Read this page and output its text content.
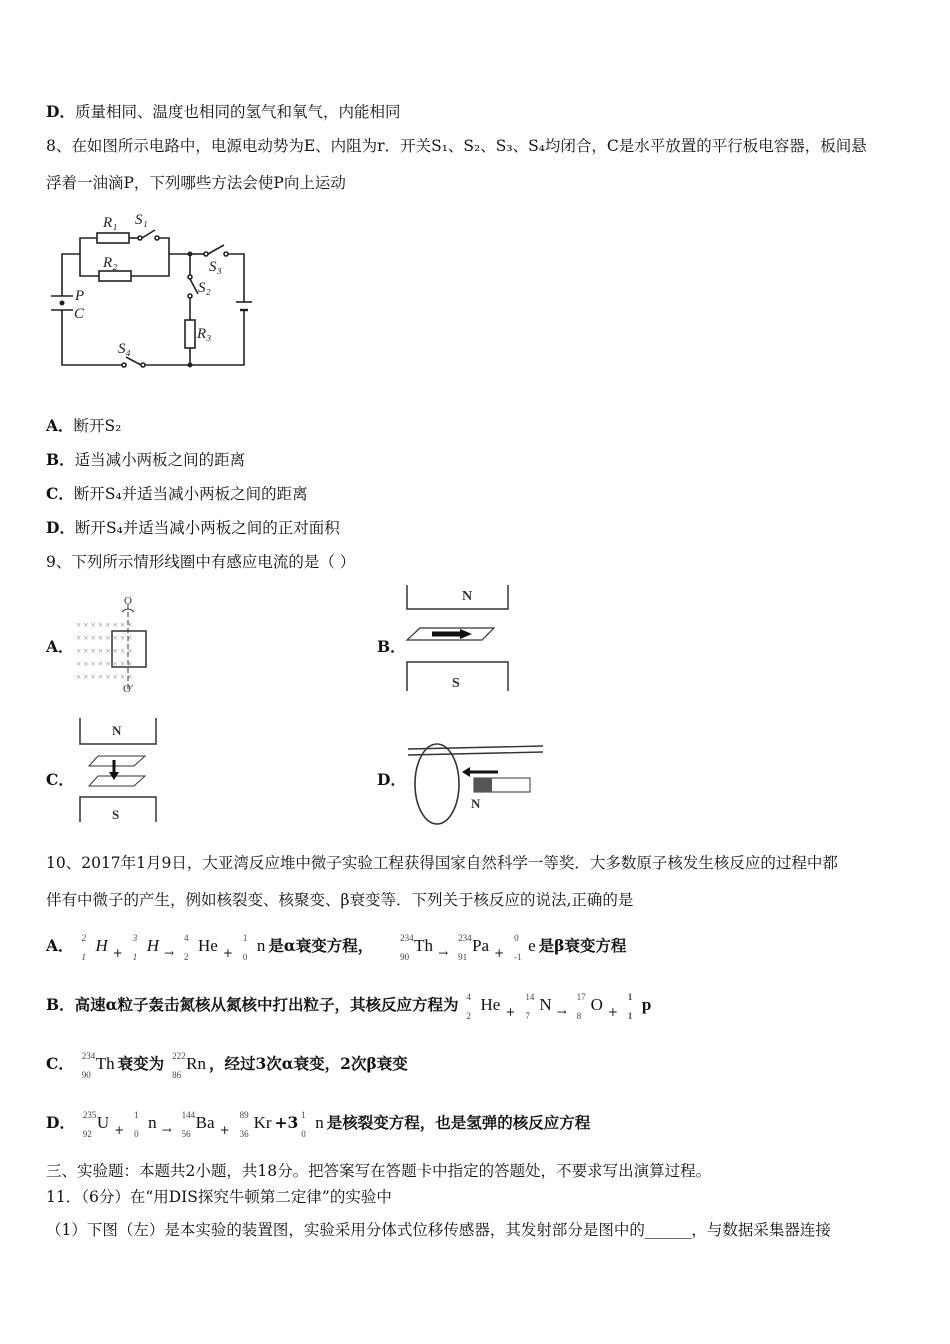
D．质量相同、温度也相同的氢气和氧气，内能相同
8、在如图所示电路中，电源电动势为E、内阻为r．开关S₁、S₂、S₃、S₄均闭合，C是水平放置的平行板电容器，板间悬
浮着一油滴P，下列哪些方法会使P向上运动
R₁ S₁
R₂	S₃
S₂
P
C
R₃
S₄
A．断开S₂
B．适当减小两板之间的距离
C．断开S₄并适当减小两板之间的距离
D．断开S₄并适当减小两板之间的正对面积
9、下列所示情形线圈中有感应电流的是（ ）
A．	B．
C．	D．
× × × × × × × ×
× × × × × × × ×
× × × × × × × ×
× × × × × × × ×
× × × × × × × ×
O
O′
N
S
N
S
N
10、2017年1月9日，大亚湾反应堆中微子实验工程获得国家自然科学一等奖．大多数原子核发生核反应的过程中都
伴有中微子的产生，例如核裂变、核聚变、β衰变等．下列关于核反应的说法,正确的是
A． 2
1
H $_+$
3
1
H $_\to$
4
2
He $_+$
1
0
n 是α衰变方程，	234
90
Th $_\to$
234
91
Pa $_+$
0
-1
e 是β衰变方程
B．高速α粒子轰击氮核从氮核中打出粒子，其核反应方程为 4
2
He $_+$
14
7
N $_\to$
17
8
O $_+$
1
1
p
C． 234
90
Th 衰变为 222
86
Rn ，经过3次α衰变，2次β衰变
D． 235
92
U $_+$
1
0
n $_\to$
144
56
Ba $_+$
89
36
Kr +3 1
0
n 是核裂变方程，也是氢弹的核反应方程
三、实验题：本题共2小题，共18分。把答案写在答题卡中指定的答题处，不要求写出演算过程。
11．（6分）在“用DIS探究牛顿第二定律”的实验中
（1）下图（左）是本实验的装置图，实验采用分体式位移传感器，其发射部分是图中的______，与数据采集器连接
